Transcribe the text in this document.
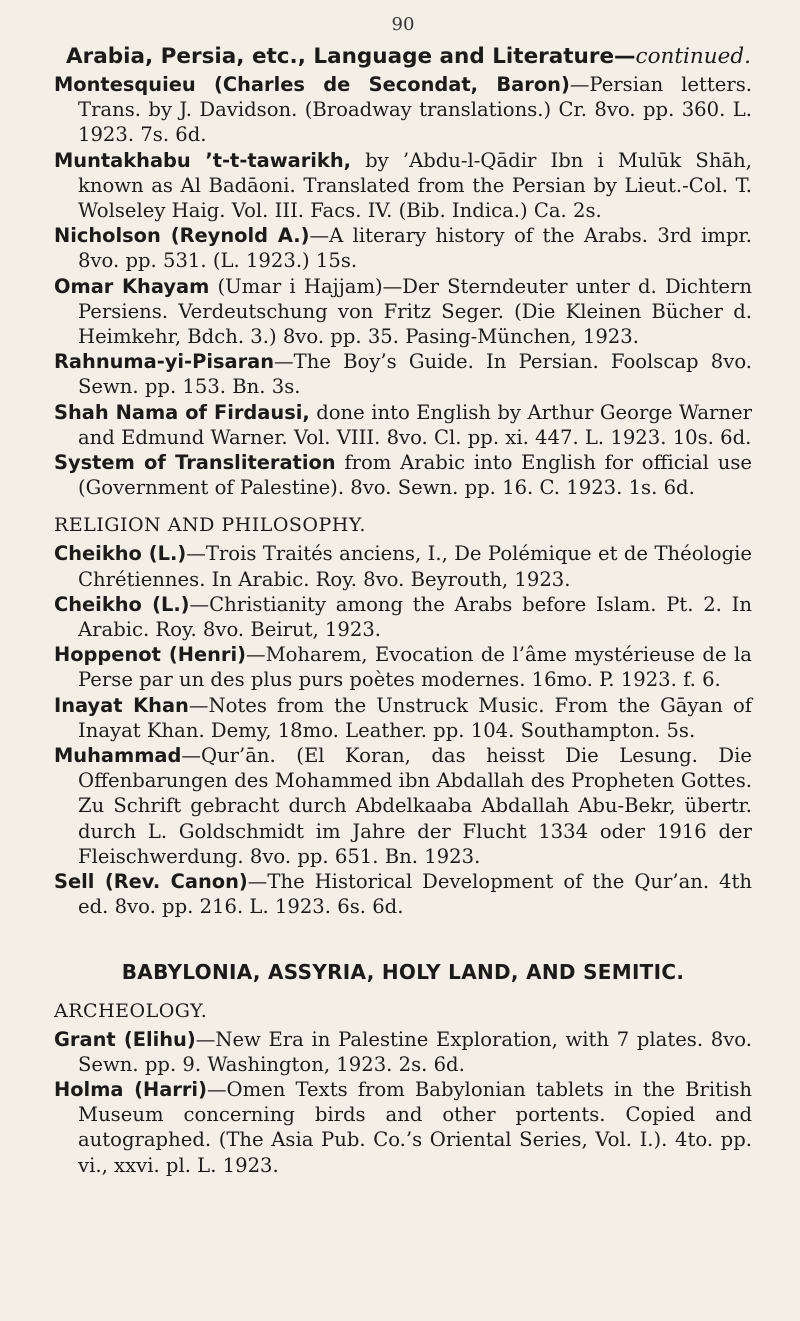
90
Arabia, Persia, etc., Language and Literature—continued.

Montesquieu (Charles de Secondat, Baron)—Persian letters. Trans. by J. Davidson. (Broadway translations.) Cr. 8vo. pp. 360. L. 1923. 7s. 6d.

Muntakhabu ’t-t-tawarikh, by ’Abdu-l-Qādir Ibn i Mulūk Shāh, known as Al Badāoni. Translated from the Persian by Lieut.-Col. T. Wolseley Haig. Vol. III. Facs. IV. (Bib. Indica.) Ca. 2s.

Nicholson (Reynold A.)—A literary history of the Arabs. 3rd impr. 8vo. pp. 531. (L. 1923.) 15s.

Omar Khayam (Umar i Hajjam)—Der Sterndeuter unter d. Dichtern Persiens. Verdeutschung von Fritz Seger. (Die Kleinen Bücher d. Heimkehr, Bdch. 3.) 8vo. pp. 35. Pasing-München, 1923.

Rahnuma-yi-Pisaran—The Boy’s Guide. In Persian. Foolscap 8vo. Sewn. pp. 153. Bn. 3s.

Shah Nama of Firdausi, done into English by Arthur George Warner and Edmund Warner. Vol. VIII. 8vo. Cl. pp. xi. 447. L. 1923. 10s. 6d.

System of Transliteration from Arabic into English for official use (Government of Palestine). 8vo. Sewn. pp. 16. C. 1923. 1s. 6d.

RELIGION AND PHILOSOPHY.

Cheikho (L.)—Trois Traités anciens, I., De Polémique et de Théologie Chrétiennes. In Arabic. Roy. 8vo. Beyrouth, 1923.

Cheikho (L.)—Christianity among the Arabs before Islam. Pt. 2. In Arabic. Roy. 8vo. Beirut, 1923.

Hoppenot (Henri)—Moharem, Evocation de l’âme mystérieuse de la Perse par un des plus purs poètes modernes. 16mo. P. 1923. f. 6.

Inayat Khan—Notes from the Unstruck Music. From the Gāyan of Inayat Khan. Demy, 18mo. Leather. pp. 104. Southampton. 5s.

Muhammad—Qur’ān. (El Koran, das heisst Die Lesung. Die Offenbarungen des Mohammed ibn Abdallah des Propheten Gottes. Zu Schrift gebracht durch Abdelkaaba Abdallah Abu-Bekr, übertr. durch L. Goldschmidt im Jahre der Flucht 1334 oder 1916 der Fleischwerdung. 8vo. pp. 651. Bn. 1923.

Sell (Rev. Canon)—The Historical Development of the Qur’an. 4th ed. 8vo. pp. 216. L. 1923. 6s. 6d.

BABYLONIA, ASSYRIA, HOLY LAND, AND SEMITIC.
ARCHEOLOGY.

Grant (Elihu)—New Era in Palestine Exploration, with 7 plates. 8vo. Sewn. pp. 9. Washington, 1923. 2s. 6d.

Holma (Harri)—Omen Texts from Babylonian tablets in the British Museum concerning birds and other portents. Copied and autographed. (The Asia Pub. Co.’s Oriental Series, Vol. I.). 4to. pp. vi., xxvi. pl. L. 1923.
